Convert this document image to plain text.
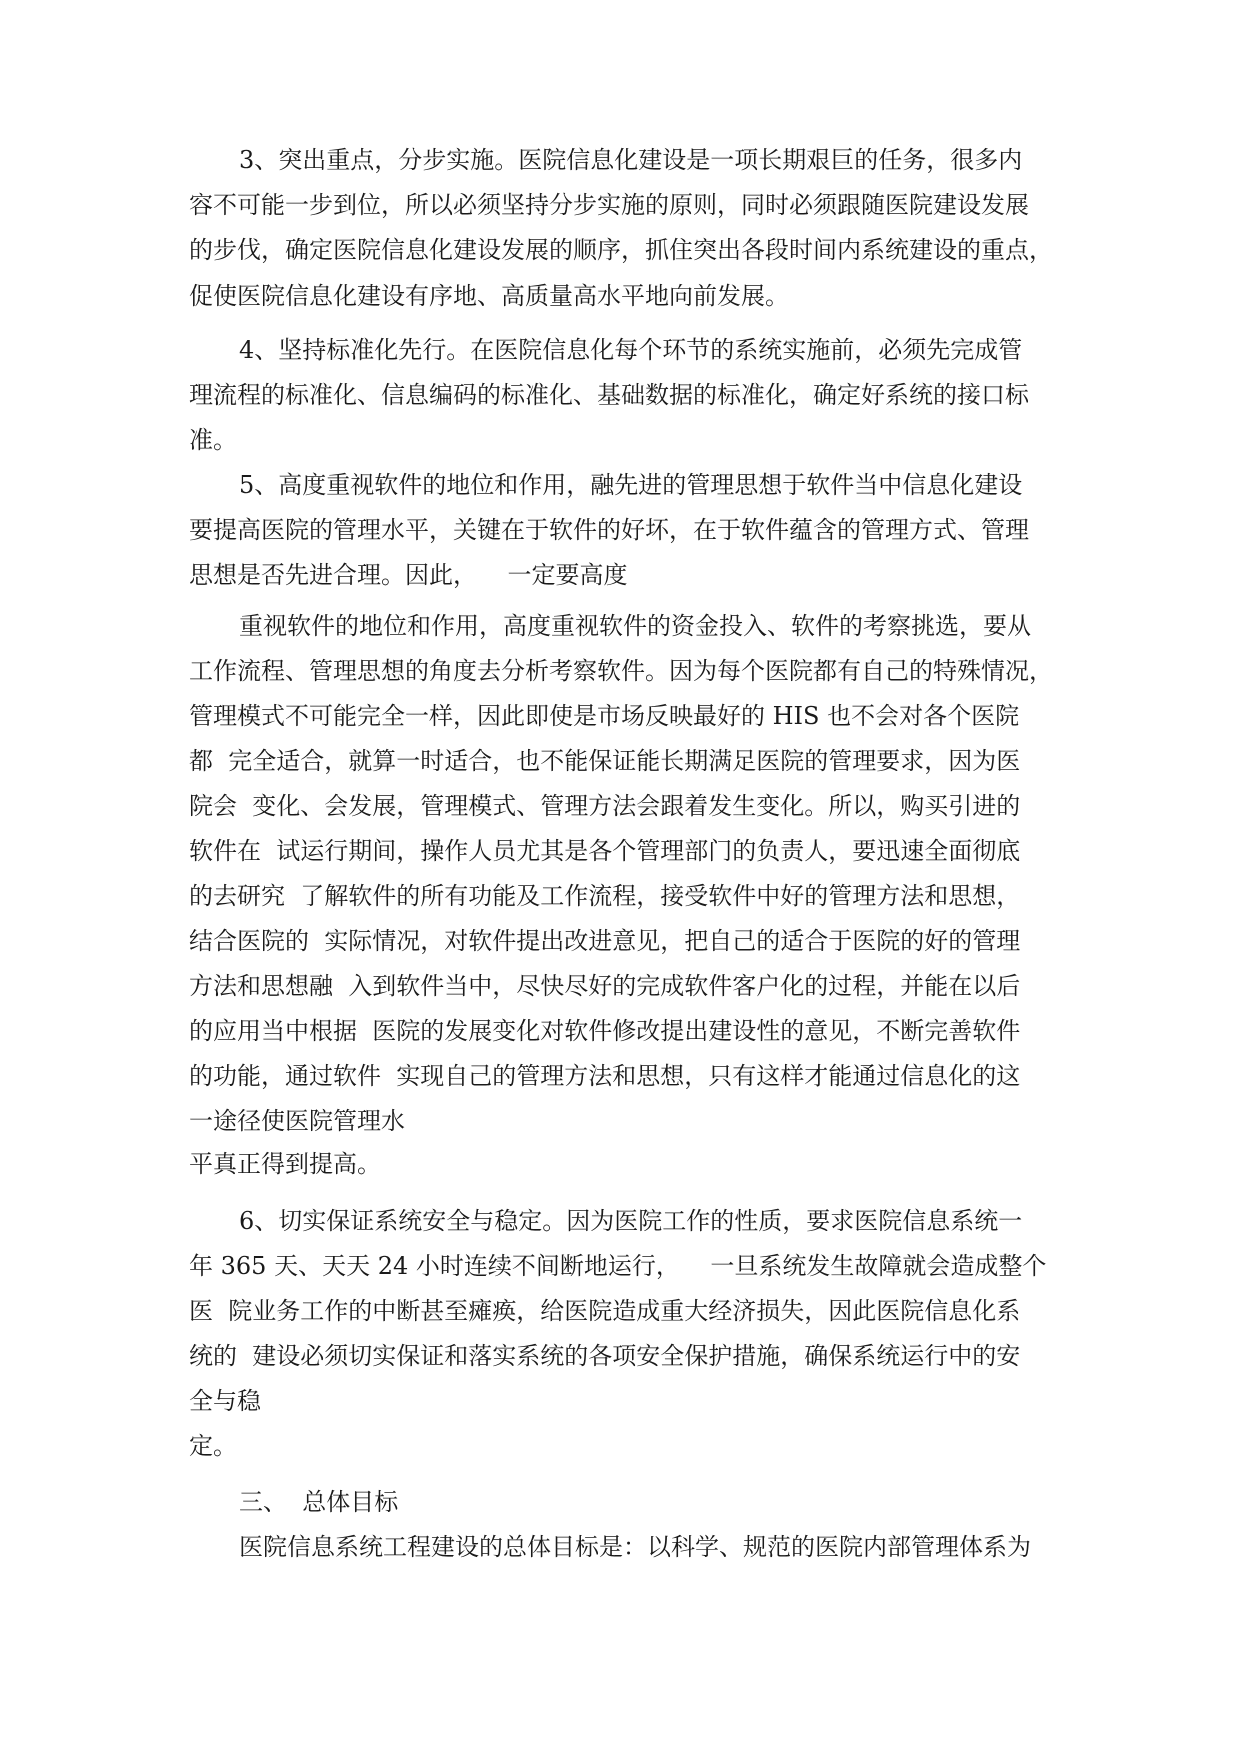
3、突出重点，分步实施。医院信息化建设是一项长期艰巨的任务，很多内

容不可能一步到位，所以必须坚持分步实施的原则，同时必须跟随医院建设发展

的步伐，确定医院信息化建设发展的顺序，抓住突出各段时间内系统建设的重点，

促使医院信息化建设有序地、高质量高水平地向前发展。

4、坚持标准化先行。在医院信息化每个环节的系统实施前，必须先完成管

理流程的标准化、信息编码的标准化、基础数据的标准化，确定好系统的接口标

准。

5、高度重视软件的地位和作用，融先进的管理思想于软件当中信息化建设

要提高医院的管理水平，关键在于软件的好坏，在于软件蕴含的管理方式、管理

思想是否先进合理。因此，    一定要高度

重视软件的地位和作用，高度重视软件的资金投入、软件的考察挑选，要从

工作流程、管理思想的角度去分析考察软件。因为每个医院都有自己的特殊情况，

管理模式不可能完全一样，因此即使是市场反映最好的 HIS 也不会对各个医院

都  完全适合，就算一时适合，也不能保证能长期满足医院的管理要求，因为医

院会  变化、会发展，管理模式、管理方法会跟着发生变化。所以，购买引进的

软件在  试运行期间，操作人员尤其是各个管理部门的负责人，要迅速全面彻底

的去研究  了解软件的所有功能及工作流程，接受软件中好的管理方法和思想，

结合医院的  实际情况，对软件提出改进意见，把自己的适合于医院的好的管理

方法和思想融  入到软件当中，尽快尽好的完成软件客户化的过程，并能在以后

的应用当中根据  医院的发展变化对软件修改提出建设性的意见，不断完善软件

的功能，通过软件  实现自己的管理方法和思想，只有这样才能通过信息化的这

一途径使医院管理水

平真正得到提高。

6、切实保证系统安全与稳定。因为医院工作的性质，要求医院信息系统一

年 365 天、天天 24 小时连续不间断地运行，    一旦系统发生故障就会造成整个

医  院业务工作的中断甚至瘫痪，给医院造成重大经济损失，因此医院信息化系

统的  建设必须切实保证和落实系统的各项安全保护措施，确保系统运行中的安

全与稳

定。

三、  总体目标

医院信息系统工程建设的总体目标是：以科学、规范的医院内部管理体系为
